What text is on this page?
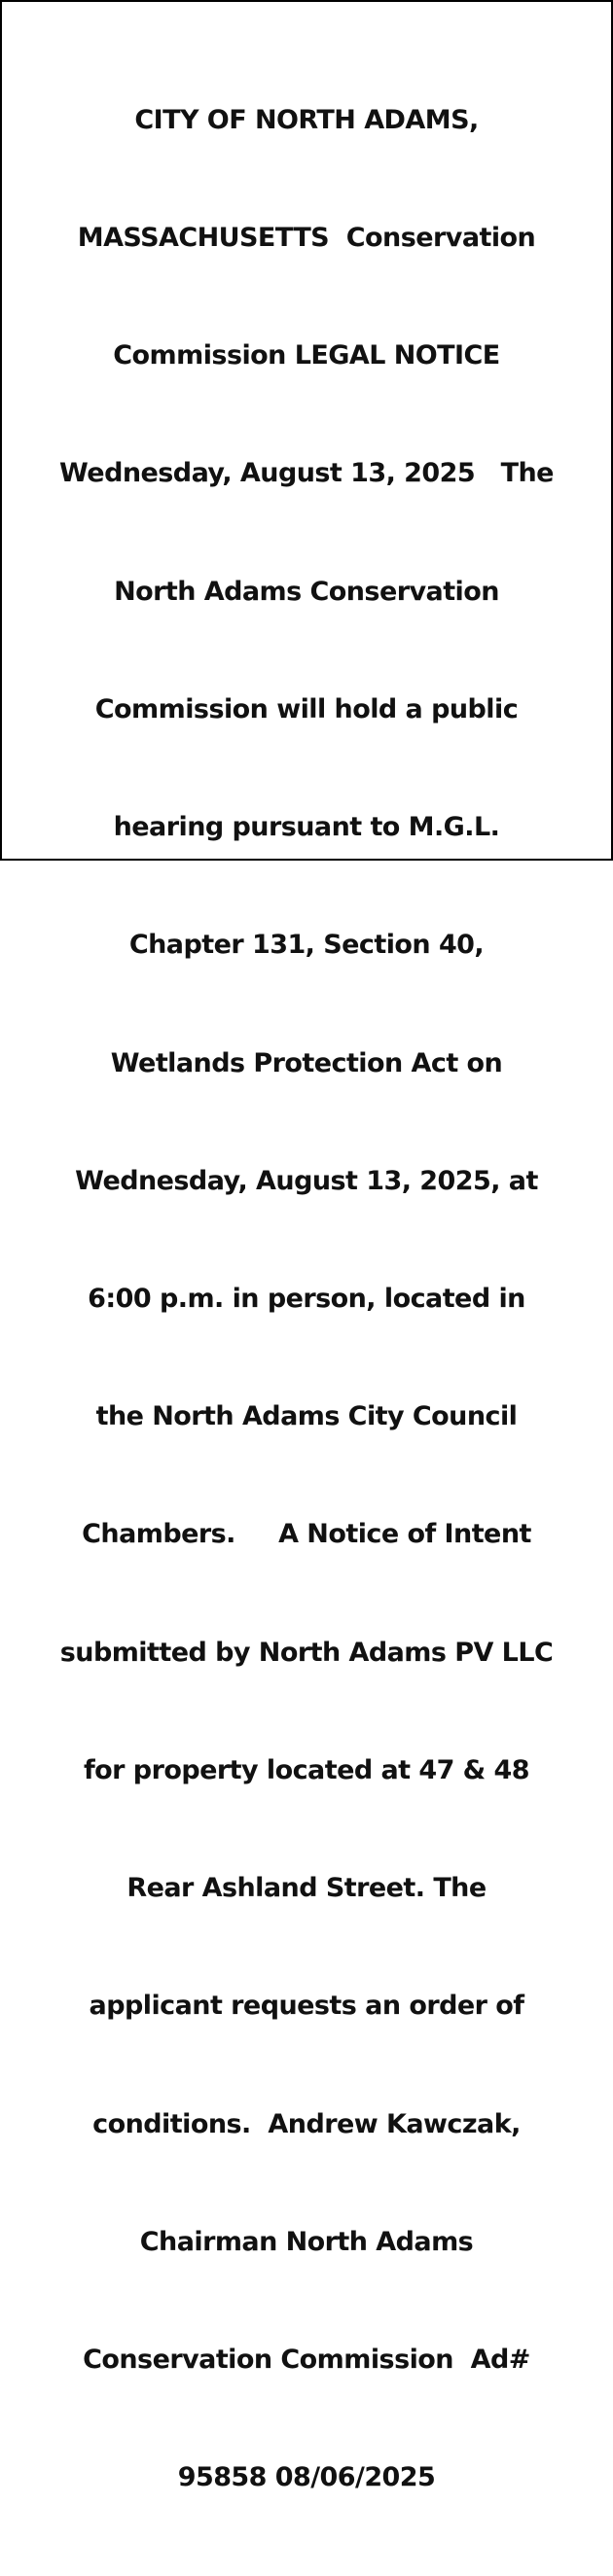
CITY OF NORTH ADAMS,

MASSACHUSETTS  Conservation

Commission LEGAL NOTICE

Wednesday, August 13, 2025   The

North Adams Conservation

Commission will hold a public

hearing pursuant to M.G.L.

Chapter 131, Section 40,

Wetlands Protection Act on

Wednesday, August 13, 2025, at

6:00 p.m. in person, located in

the North Adams City Council

Chambers.     A Notice of Intent

submitted by North Adams PV LLC

for property located at 47 & 48

Rear Ashland Street. The

applicant requests an order of

conditions.  Andrew Kawczak,

Chairman North Adams

Conservation Commission  Ad#

95858 08/06/2025
